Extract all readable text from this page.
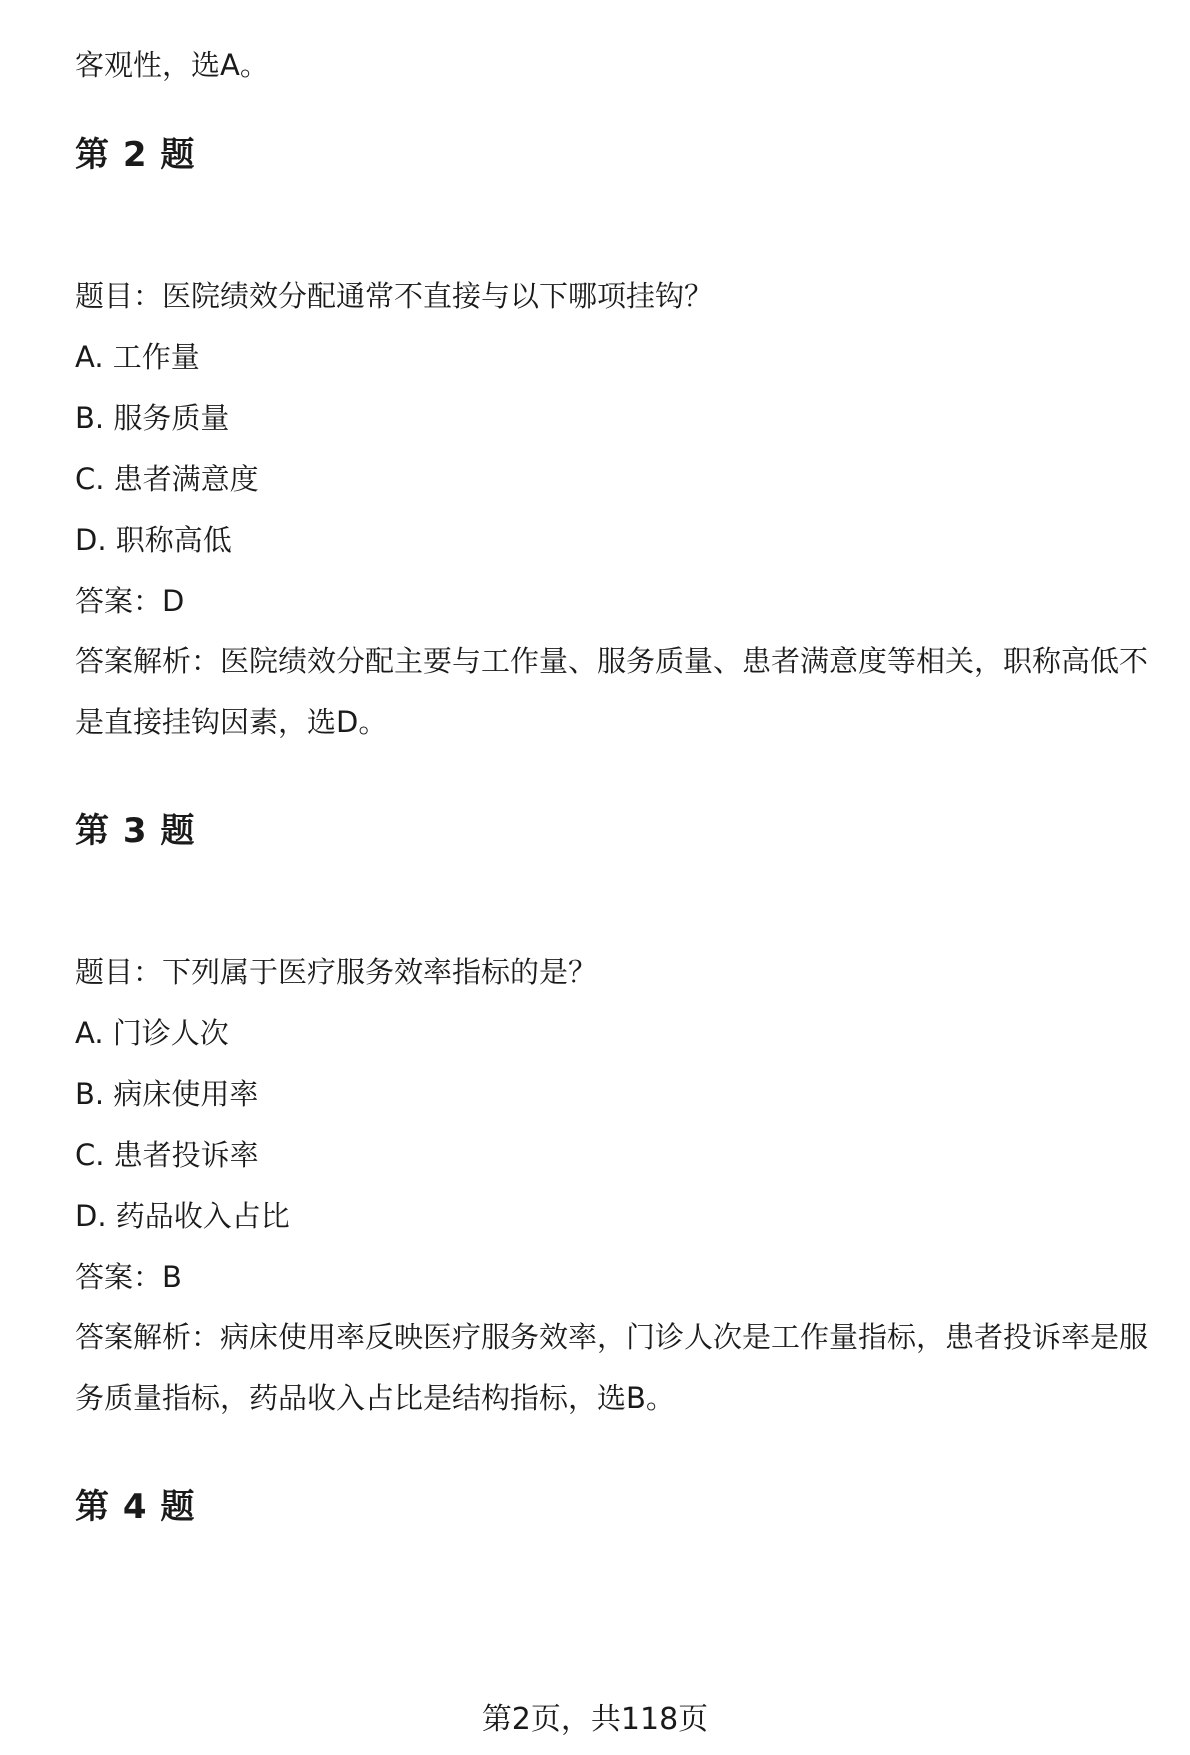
客观性，选A。
第 2 题
题目：医院绩效分配通常不直接与以下哪项挂钩？
A. 工作量
B. 服务质量
C. 患者满意度
D. 职称高低
答案：D
答案解析：医院绩效分配主要与工作量、服务质量、患者满意度等相关，职称高低不是直接挂钩因素，选D。
第 3 题
题目：下列属于医疗服务效率指标的是？
A. 门诊人次
B. 病床使用率
C. 患者投诉率
D. 药品收入占比
答案：B
答案解析：病床使用率反映医疗服务效率，门诊人次是工作量指标，患者投诉率是服务质量指标，药品收入占比是结构指标，选B。
第 4 题
第2页，共118页
